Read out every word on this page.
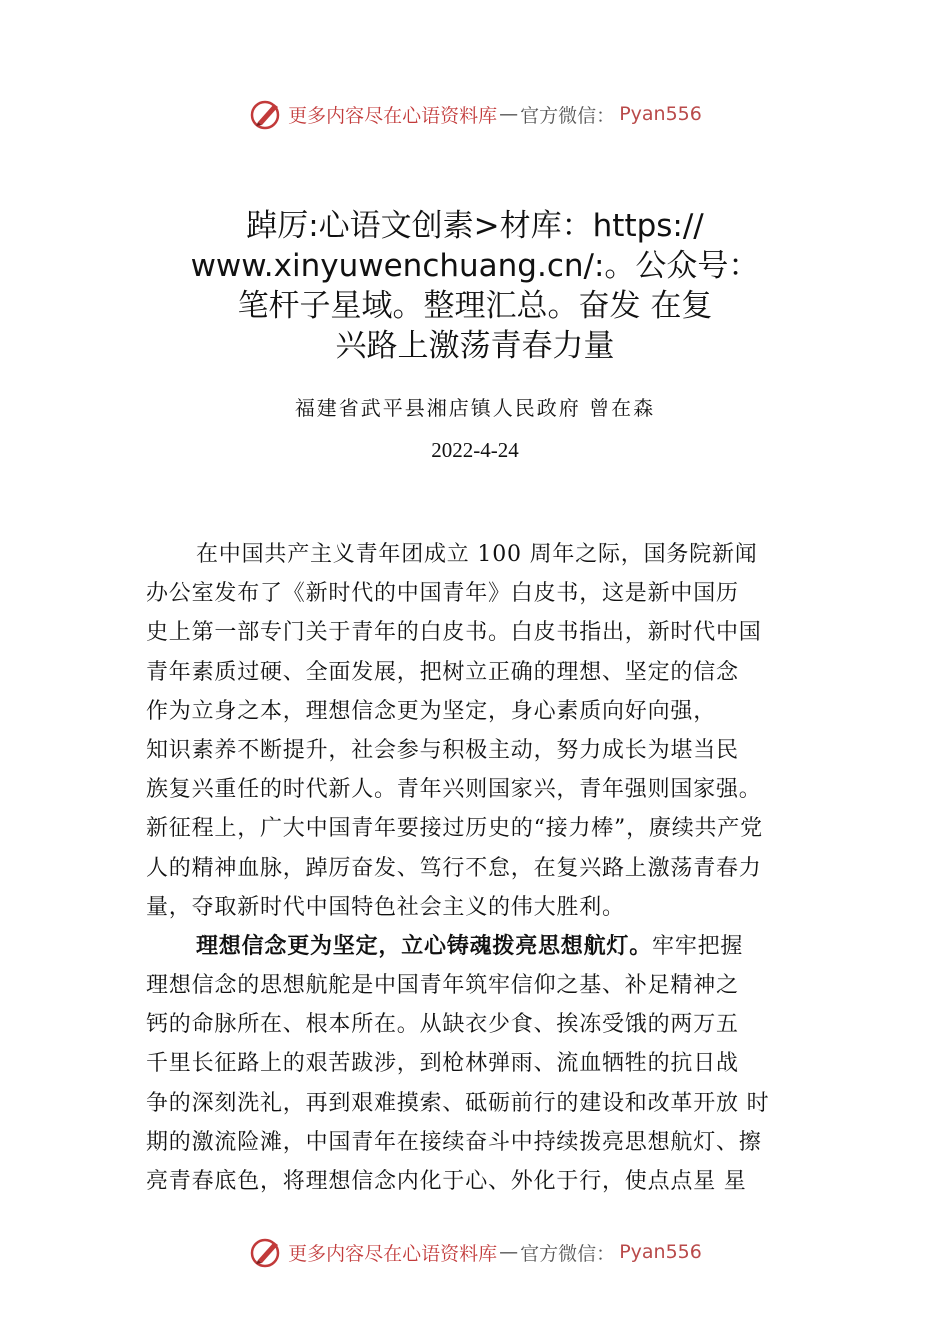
更多内容尽在心语资料库 — 官方微信： Pyan556
踔厉:心语文创素>材库：https://
www.xinyuwenchuang.cn/:。公众号：
笔杆子星域。整理汇总。奋发 在复
兴路上激荡青春力量
福建省武平县湘店镇人民政府 曾在森
2022-4-24
在中国共产主义青年团成立 100 周年之际，国务院新闻
办公室发布了《新时代的中国青年》白皮书，这是新中国历
史上第一部专门关于青年的白皮书。白皮书指出，新时代中国
青年素质过硬、全面发展，把树立正确的理想、坚定的信念
作为立身之本，理想信念更为坚定，身心素质向好向强，
知识素养不断提升，社会参与积极主动，努力成长为堪当民
族复兴重任的时代新人。青年兴则国家兴，青年强则国家强。
新征程上，广大中国青年要接过历史的“接力棒”，赓续共产党
人的精神血脉，踔厉奋发、笃行不怠，在复兴路上激荡青春力
量，夺取新时代中国特色社会主义的伟大胜利。
理想信念更为坚定，立心铸魂拨亮思想航灯。牢牢把握
理想信念的思想航舵是中国青年筑牢信仰之基、补足精神之
钙的命脉所在、根本所在。从缺衣少食、挨冻受饿的两万五
千里长征路上的艰苦跋涉，到枪林弹雨、流血牺牲的抗日战
争的深刻洗礼，再到艰难摸索、砥砺前行的建设和改革开放 时
期的激流险滩，中国青年在接续奋斗中持续拨亮思想航灯、擦
亮青春底色，将理想信念内化于心、外化于行，使点点星 星
更多内容尽在心语资料库 — 官方微信： Pyan556
